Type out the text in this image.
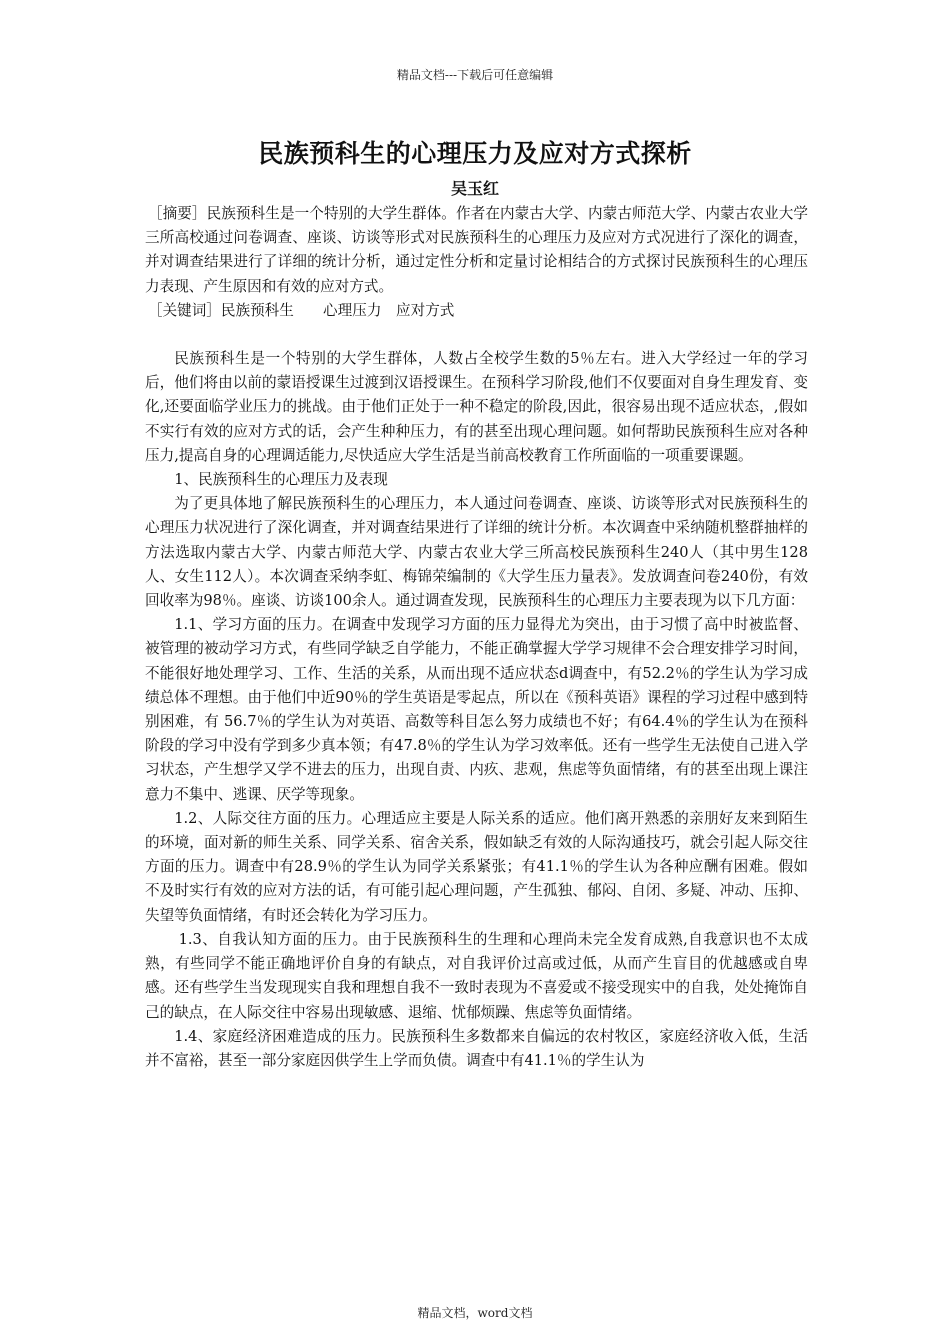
精品文档---下载后可任意编辑
民族预科生的心理压力及应对方式探析
吴玉红

［摘要］民族预科生是一个特别的大学生群体。作者在内蒙古大学、内蒙古师范大学、内蒙古农业大学三所高校通过问卷调查、座谈、访谈等形式对民族预科生的心理压力及应对方式况进行了深化的调查，并对调查结果进行了详细的统计分析，通过定性分析和定量讨论相结合的方式探讨民族预科生的心理压力表现、产生原因和有效的应对方式。

［关键词］民族预科生　　心理压力　应对方式

民族预科生是一个特别的大学生群体，人数占全校学生数的5％左右。进入大学经过一年的学习后，他们将由以前的蒙语授课生过渡到汉语授课生。在预科学习阶段,他们不仅要面对自身生理发育、变化,还要面临学业压力的挑战。由于他们正处于一种不稳定的阶段,因此，很容易出现不适应状态，,假如不实行有效的应对方式的话，会产生种种压力，有的甚至出现心理问题。如何帮助民族预科生应对各种压力,提高自身的心理调适能力,尽快适应大学生活是当前高校教育工作所面临的一项重要课题。

1、民族预科生的心理压力及表现

为了更具体地了解民族预科生的心理压力，本人通过问卷调查、座谈、访谈等形式对民族预科生的心理压力状况进行了深化调查，并对调查结果进行了详细的统计分析。本次调查中采纳随机整群抽样的方法选取内蒙古大学、内蒙古师范大学、内蒙古农业大学三所高校民族预科生240人（其中男生128人、女生112人）。本次调查采纳李虹、梅锦荣编制的《大学生压力量表》。发放调查问卷240份，有效回收率为98％。座谈、访谈100余人。通过调查发现，民族预科生的心理压力主要表现为以下几方面：

1.1、学习方面的压力。在调查中发现学习方面的压力显得尤为突出，由于习惯了高中时被监督、被管理的被动学习方式，有些同学缺乏自学能力，不能正确掌握大学学习规律不会合理安排学习时间，不能很好地处理学习、工作、生活的关系，从而出现不适应状态d调查中，有52.2％的学生认为学习成绩总体不理想。由于他们中近90％的学生英语是零起点，所以在《预科英语》课程的学习过程中感到特别困难，有 56.7％的学生认为对英语、高数等科目怎么努力成绩也不好；有64.4％的学生认为在预科阶段的学习中没有学到多少真本领；有47.8％的学生认为学习效率低。还有一些学生无法使自己进入学习状态，产生想学又学不进去的压力，出现自责、内疚、悲观，焦虑等负面情绪，有的甚至出现上课注意力不集中、逃课、厌学等现象。

1.2、人际交往方面的压力。心理适应主要是人际关系的适应。他们离开熟悉的亲朋好友来到陌生的环境，面对新的师生关系、同学关系、宿舍关系，假如缺乏有效的人际沟通技巧，就会引起人际交往方面的压力。调查中有28.9％的学生认为同学关系紧张；有41.1％的学生认为各种应酬有困难。假如不及时实行有效的应对方法的话，有可能引起心理问题，产生孤独、郁闷、自闭、多疑、冲动、压抑、失望等负面情绪，有时还会转化为学习压力。

1.3、自我认知方面的压力。由于民族预科生的生理和心理尚未完全发育成熟,自我意识也不太成熟，有些同学不能正确地评价自身的有缺点，对自我评价过高或过低，从而产生盲目的优越感或自卑感。还有些学生当发现现实自我和理想自我不一致时表现为不喜爱或不接受现实中的自我，处处掩饰自己的缺点，在人际交往中容易出现敏感、退缩、忧郁烦躁、焦虑等负面情绪。

1.4、家庭经济困难造成的压力。民族预科生多数都来自偏远的农村牧区，家庭经济收入低，生活并不富裕，甚至一部分家庭因供学生上学而负债。调查中有41.1％的学生认为

精品文档，word文档
